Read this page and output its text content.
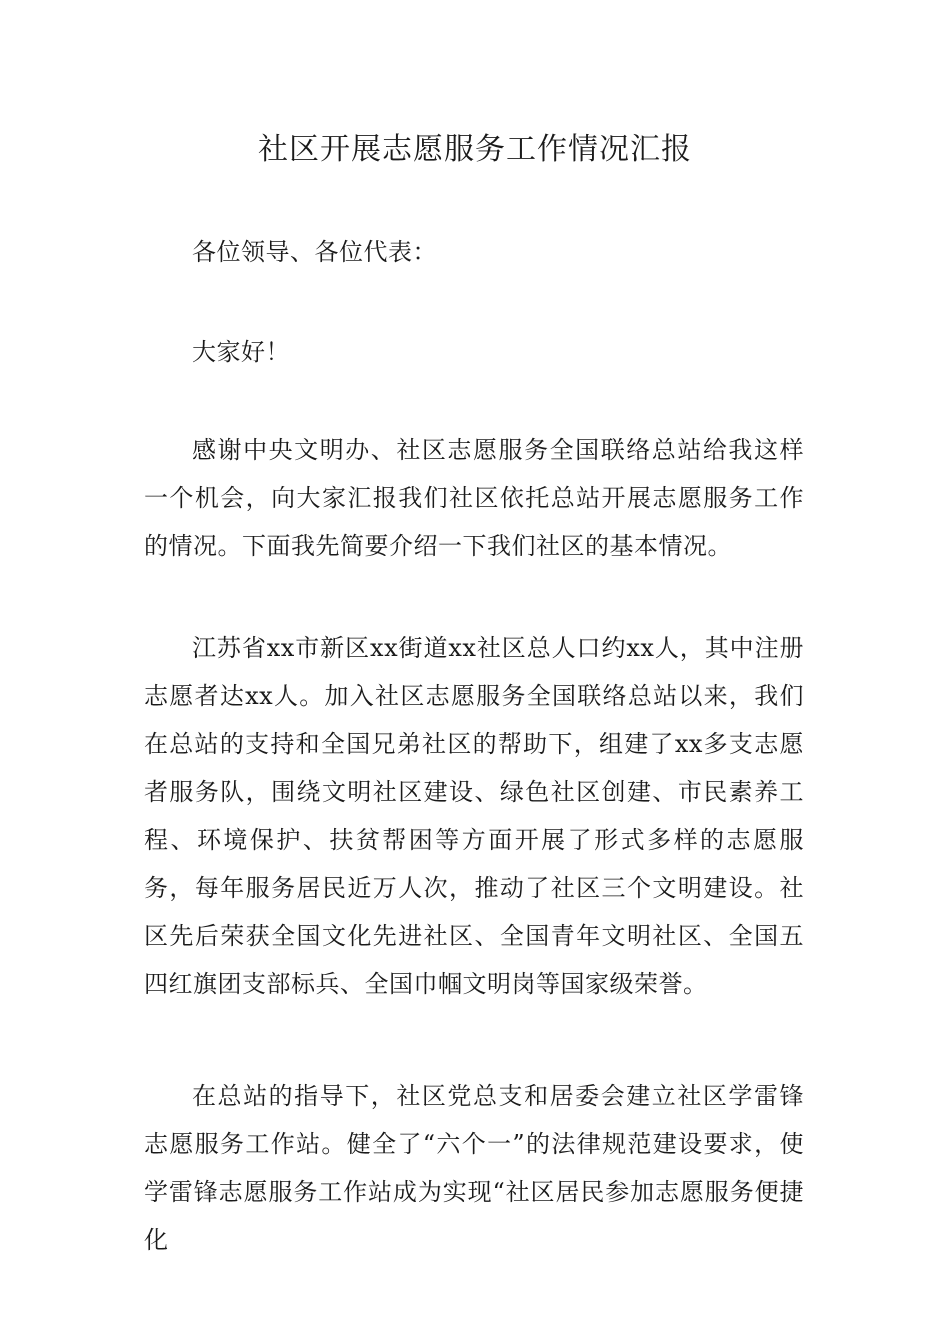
社区开展志愿服务工作情况汇报

各位领导、各位代表：

大家好！

感谢中央文明办、社区志愿服务全国联络总站给我这样一个机会，向大家汇报我们社区依托总站开展志愿服务工作的情况。下面我先简要介绍一下我们社区的基本情况。

江苏省xx市新区xx街道xx社区总人口约xx人，其中注册志愿者达xx人。加入社区志愿服务全国联络总站以来，我们在总站的支持和全国兄弟社区的帮助下，组建了xx多支志愿者服务队，围绕文明社区建设、绿色社区创建、市民素养工程、环境保护、扶贫帮困等方面开展了形式多样的志愿服务，每年服务居民近万人次，推动了社区三个文明建设。社区先后荣获全国文化先进社区、全国青年文明社区、全国五四红旗团支部标兵、全国巾帼文明岗等国家级荣誉。

在总站的指导下，社区党总支和居委会建立社区学雷锋志愿服务工作站。健全了“六个一”的法律规范建设要求，使学雷锋志愿服务工作站成为实现“社区居民参加志愿服务便捷化
